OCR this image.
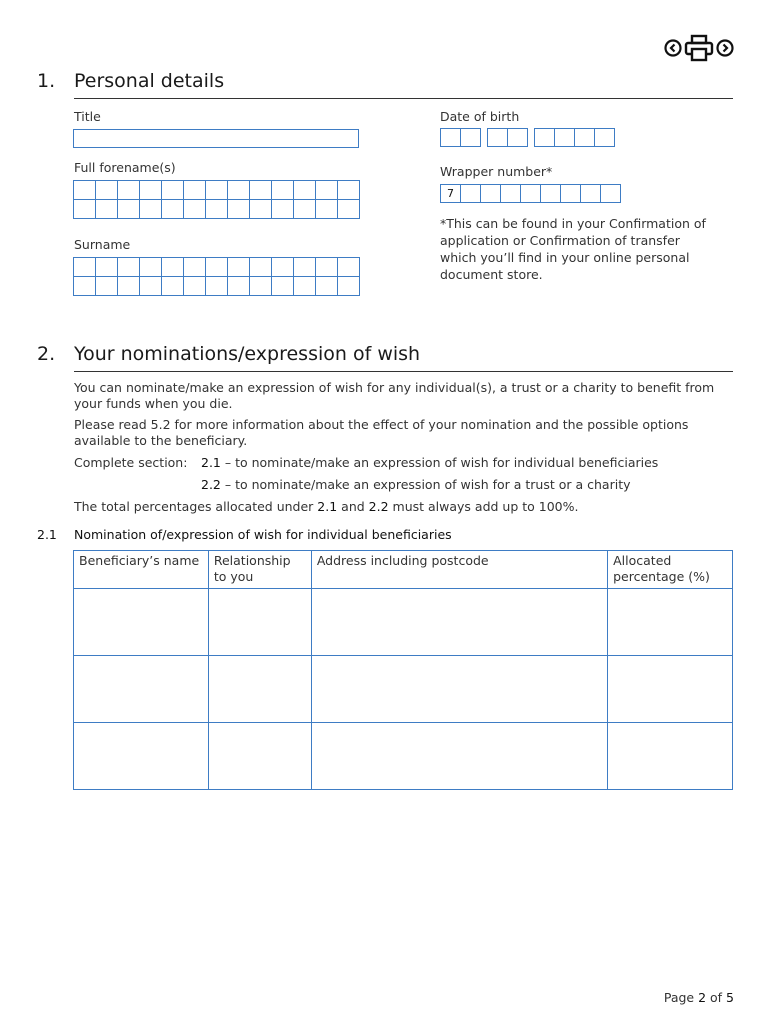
1. Personal details
Title	Date of birth
Full forename(s)	Wrapper number*
7
*This can be found in your Confirmation of application or Confirmation of transfer which you’ll find in your online personal document store.
Surname
2. Your nominations/expression of wish
You can nominate/make an expression of wish for any individual(s), a trust or a charity to benefit from your funds when you die.
Please read 5.2 for more information about the effect of your nomination and the possible options available to the beneficiary.
Complete section: 2.1 – to nominate/make an expression of wish for individual beneficiaries
2.2 – to nominate/make an expression of wish for a trust or a charity
The total percentages allocated under 2.1 and 2.2 must always add up to 100%.
2.1 Nomination of/expression of wish for individual beneficiaries
Beneficiary’s name	Relationship to you	Address including postcode	Allocated percentage (%)

Page 2 of 5
